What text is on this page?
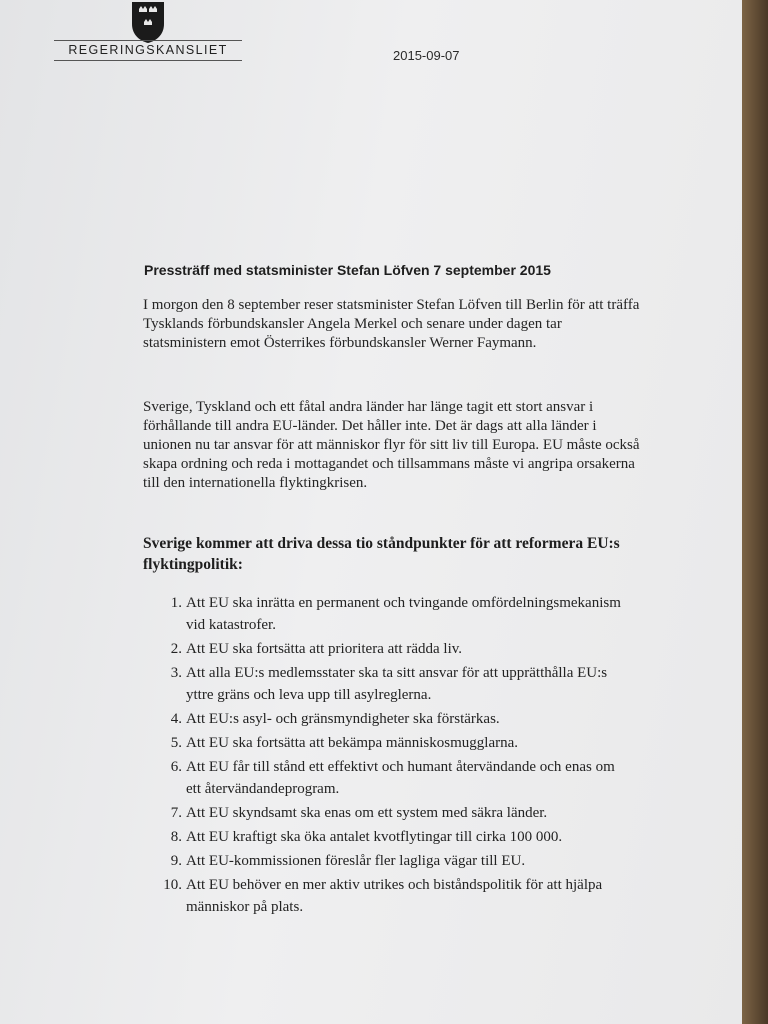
REGERINGSKANSLIET	2015-09-07
Pressträff med statsminister Stefan Löfven 7 september 2015

I morgon den 8 september reser statsminister Stefan Löfven till Berlin för att träffa Tysklands förbundskansler Angela Merkel och senare under dagen tar statsministern emot Österrikes förbundskansler Werner Faymann.

Sverige, Tyskland och ett fåtal andra länder har länge tagit ett stort ansvar i förhållande till andra EU-länder. Det håller inte. Det är dags att alla länder i unionen nu tar ansvar för att människor flyr för sitt liv till Europa. EU måste också skapa ordning och reda i mottagandet och tillsammans måste vi angripa orsakerna till den internationella flyktingkrisen.

Sverige kommer att driva dessa tio ståndpunkter för att reformera EU:s flyktingpolitik:

1. Att EU ska inrätta en permanent och tvingande omfördelningsmekanism vid katastrofer.
2. Att EU ska fortsätta att prioritera att rädda liv.
3. Att alla EU:s medlemsstater ska ta sitt ansvar för att upprätthålla EU:s yttre gräns och leva upp till asylreglerna.
4. Att EU:s asyl- och gränsmyndigheter ska förstärkas.
5. Att EU ska fortsätta att bekämpa människosmugglarna.
6. Att EU får till stånd ett effektivt och humant återvändande och enas om ett återvändandeprogram.
7. Att EU skyndsamt ska enas om ett system med säkra länder.
8. Att EU kraftigt ska öka antalet kvotflytingar till cirka 100 000.
9. Att EU-kommissionen föreslår fler lagliga vägar till EU.
10. Att EU behöver en mer aktiv utrikes och biståndspolitik för att hjälpa människor på plats.
